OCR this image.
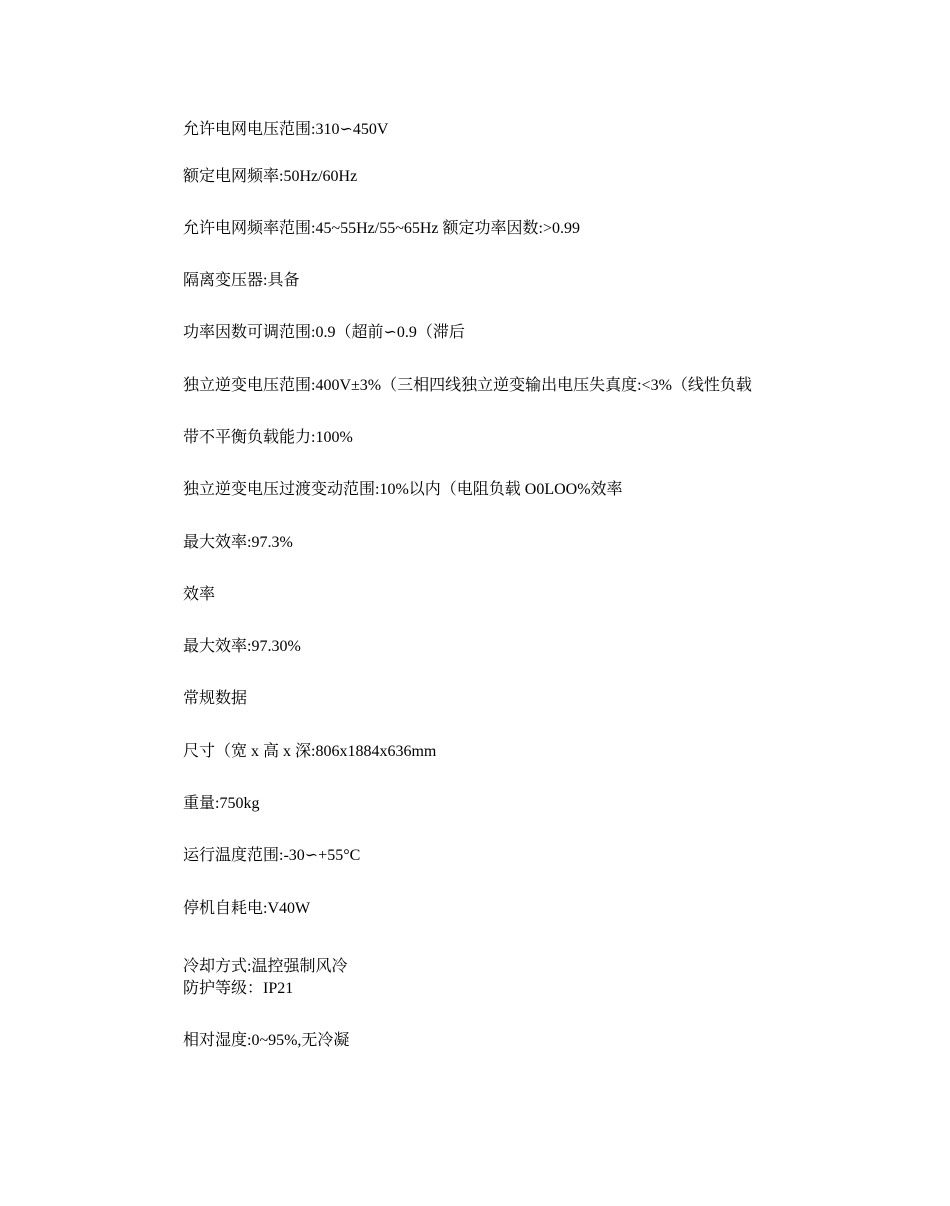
允许电网电压范围:310∽450V
额定电网频率:50Hz/60Hz
允许电网频率范围:45~55Hz/55~65Hz 额定功率因数:>0.99
隔离变压器:具备
功率因数可调范围:0.9（超前∽0.9（滞后
独立逆变电压范围:400V±3%（三相四线独立逆变输出电压失真度:<3%（线性负载
带不平衡负载能力:100%
独立逆变电压过渡变动范围:10%以内（电阻负载 O0LOO%效率
最大效率:97.3%
效率
最大效率:97.30%
常规数据
尺寸（宽 x 高 x 深:806x1884x636mm
重量:750kg
运行温度范围:-30∽+55°C
停机自耗电:V40W
冷却方式:温控强制风冷
防护等级：IP21
相对湿度:0~95%,无冷凝
